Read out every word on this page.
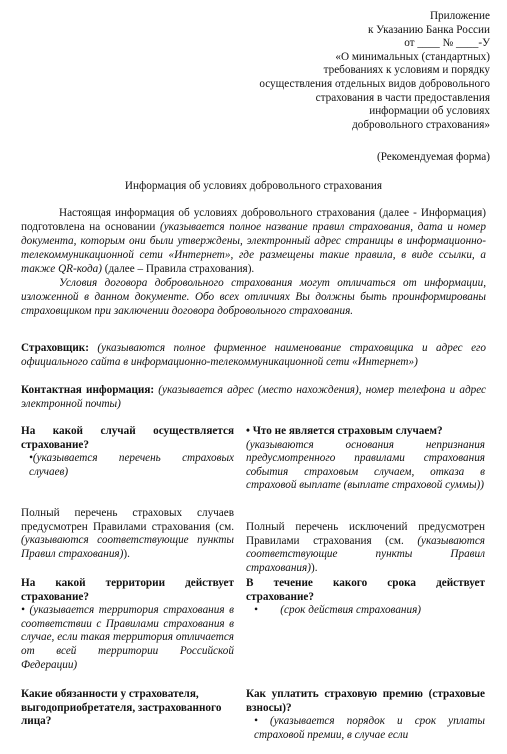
Приложение
к Указанию Банка России
от ____ № ____-У
«О минимальных (стандартных)
требованиях к условиям и порядку
осуществления отдельных видов добровольного
страхования в части предоставления
информации об условиях
добровольного страхования»
(Рекомендуемая форма)
Информация об условиях добровольного страхования

Настоящая информация об условиях добровольного страхования (далее - Информация) подготовлена на основании (указывается полное название правил страхования, дата и номер документа, которым они были утверждены, электронный адрес страницы в информационно-телекоммуникационной сети «Интернет», где размещены такие правила, в виде ссылки, а также QR-кода) (далее – Правила страхования).

Условия договора добровольного страхования могут отличаться от информации, изложенной в данном документе. Обо всех отличиях Вы должны быть проинформированы страховщиком при заключении договора добровольного страхования.

Страховщик: (указываются полное фирменное наименование страховщика и адрес его официального сайта в информационно-телекоммуникационной сети «Интернет»)
Контактная информация: (указывается адрес (место нахождения), номер телефона и адрес электронной почты)
На какой случай осуществляется страхование?
•(указывается перечень страховых случаев)
Полный перечень страховых случаев предусмотрен Правилами страхования (см. (указываются соответствующие пункты Правил страхования)).
• Что не является страховым случаем?
(указываются основания непризнания предусмотренного правилами страхования события страховым случаем, отказа в страховой выплате (выплате страховой суммы))
Полный перечень исключений предусмотрен Правилами страхования (см. (указываются соответствующие пункты Правил страхования)).
На какой территории действует страхование?
• (указывается территория страхования в соответствии с Правилами страхования в случае, если такая территория отличается от всей территории Российской Федерации)
В течение какого срока действует страхование?
•        (срок действия страхования)
Какие обязанности у страхователя, выгодоприобретателя, застрахованного лица?
Как уплатить страховую премию (страховые взносы)?
• (указывается порядок и срок уплаты страховой премии, в случае если
